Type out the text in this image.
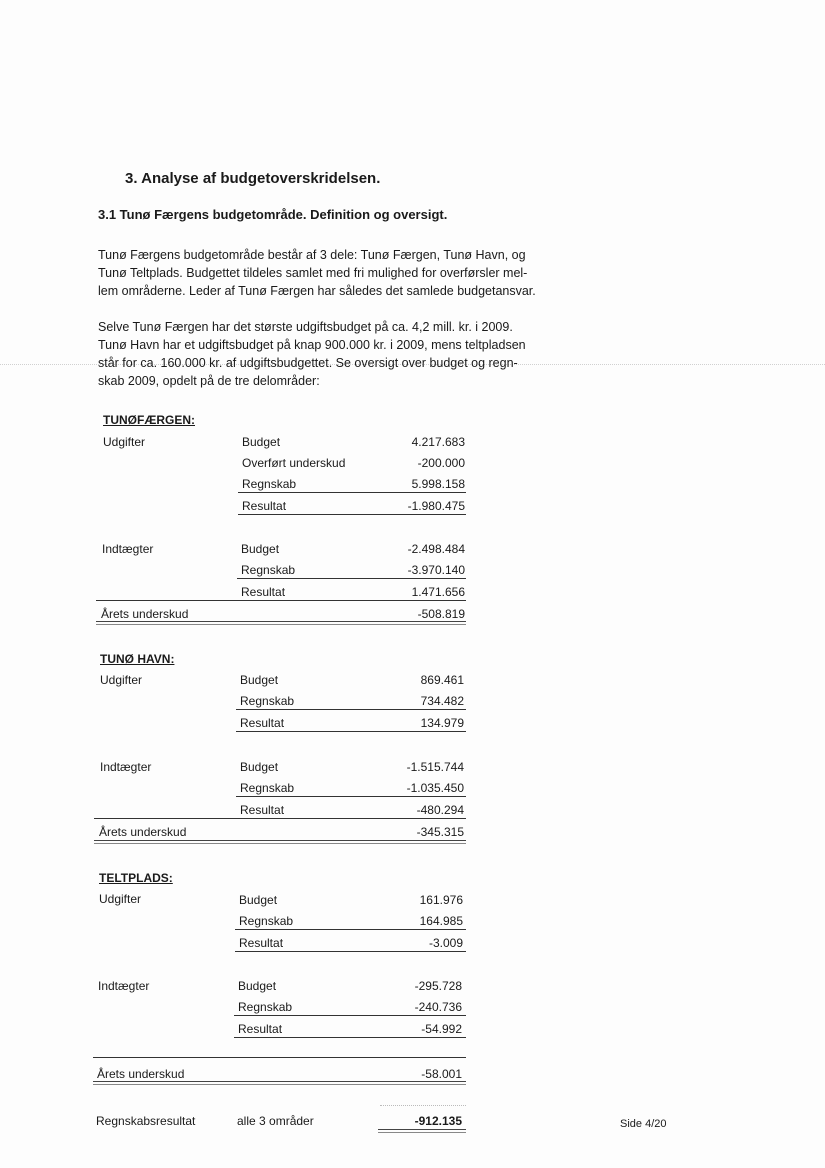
3. Analyse af budgetoverskridelsen.
3.1 Tunø Færgens budgetområde. Definition og oversigt.
Tunø Færgens budgetområde består af 3 dele: Tunø Færgen, Tunø Havn, og
Tunø Teltplads. Budgettet tildeles samlet med fri mulighed for overførsler mel-
lem områderne. Leder af Tunø Færgen har således det samlede budgetansvar.
Selve Tunø Færgen har det største udgiftsbudget på ca. 4,2 mill. kr. i 2009.
Tunø Havn har et udgiftsbudget på knap 900.000 kr. i 2009, mens teltpladsen
står for ca. 160.000 kr. af udgiftsbudgettet. Se oversigt over budget og regn-
skab 2009, opdelt på de tre delområder:
TUNØFÆRGEN:
Udgifter	Budget	4.217.683
Overført underskud	-200.000
Regnskab	5.998.158
Resultat	-1.980.475
Indtægter	Budget	-2.498.484
Regnskab	-3.970.140
Resultat	1.471.656
Årets underskud	-508.819
TUNØ HAVN:
Udgifter	Budget	869.461
Regnskab	734.482
Resultat	134.979
Indtægter	Budget	-1.515.744
Regnskab	-1.035.450
Resultat	-480.294
Årets underskud	-345.315
TELTPLADS:
Udgifter	Budget	161.976
Regnskab	164.985
Resultat	-3.009
Indtægter	Budget	-295.728
Regnskab	-240.736
Resultat	-54.992
Årets underskud	-58.001
Regnskabsresultat	alle 3 områder	-912.135	Side 4/20
